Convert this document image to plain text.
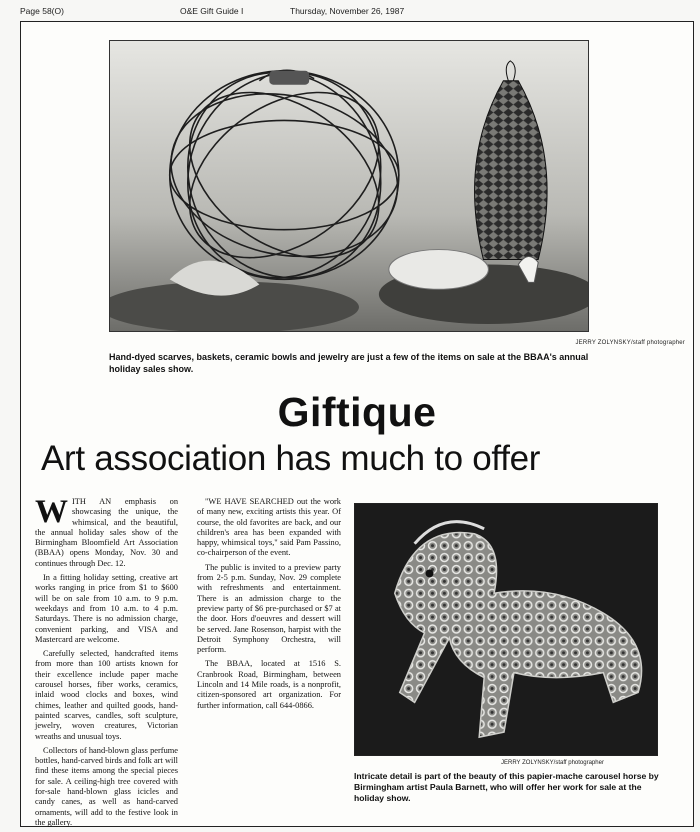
Page 58(O)	O&E Gift Guide I	Thursday, November 26, 1987
JERRY ZOLYNSKY/staff photographer
Hand-dyed scarves, baskets, ceramic bowls and jewelry are just a few of the items on sale at the BBAA's annual holiday sales show.
Giftique
Art association has much to offer

WITH AN emphasis on showcasing the unique, the whimsical, and the beautiful, the annual holiday sales show of the Birmingham Bloomfield Art Association (BBAA) opens Monday, Nov. 30 and continues through Dec. 12.

In a fitting holiday setting, creative art works ranging in price from $1 to $600 will be on sale from 10 a.m. to 9 p.m. weekdays and from 10 a.m. to 4 p.m. Saturdays. There is no admission charge, convenient parking, and VISA and Mastercard are welcome.

Carefully selected, handcrafted items from more than 100 artists known for their excellence include paper mache carousel horses, fiber works, ceramics, inlaid wood clocks and boxes, wind chimes, leather and quilted goods, hand-painted scarves, candles, soft sculpture, jewelry, woven creatures, Victorian wreaths and unusual toys.

Collectors of hand-blown glass perfume bottles, hand-carved birds and folk art will find these items among the special pieces for sale. A ceiling-high tree covered with for-sale hand-blown glass icicles and candy canes, as well as hand-carved ornaments, will add to the festive look in the gallery.

"WE HAVE SEARCHED out the work of many new, exciting artists this year. Of course, the old favorites are back, and our children's area has been expanded with happy, whimsical toys," said Pam Passino, co-chairperson of the event.

The public is invited to a preview party from 2-5 p.m. Sunday, Nov. 29 complete with refreshments and entertainment. There is an admission charge to the preview party of $6 pre-purchased or $7 at the door. Hors d'oeuvres and dessert will be served. Jane Rosenson, harpist with the Detroit Symphony Orchestra, will perform.

The BBAA, located at 1516 S. Cranbrook Road, Birmingham, between Lincoln and 14 Mile roads, is a nonprofit, citizen-sponsored art organization. For further information, call 644-0866.

JERRY ZOLYNSKY/staff photographer
Intricate detail is part of the beauty of this papier-mache carousel horse by Birmingham artist Paula Barnett, who will offer her work for sale at the holiday show.
